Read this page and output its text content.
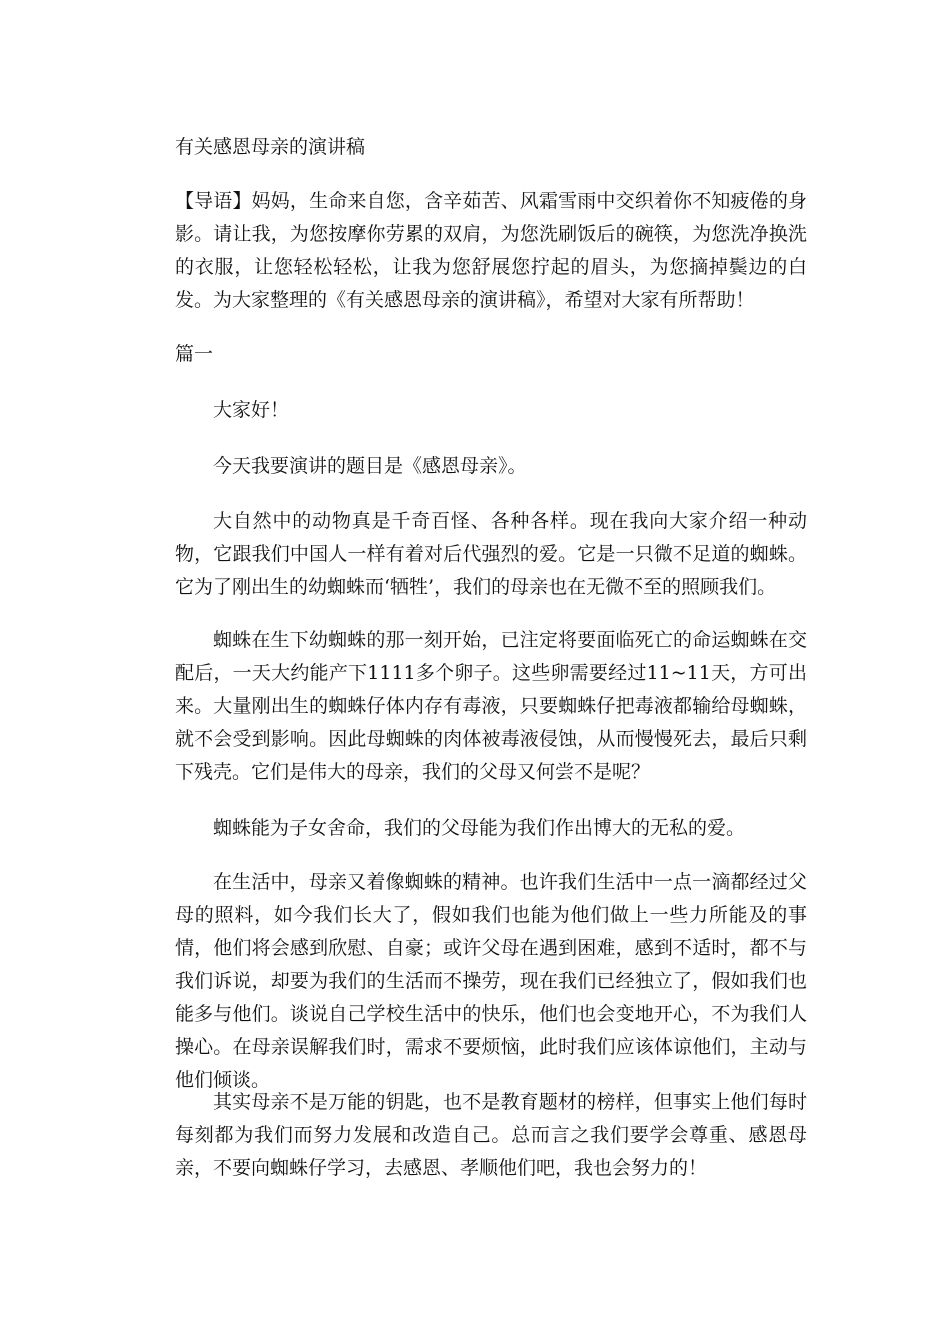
有关感恩母亲的演讲稿

【导语】妈妈，生命来自您，含辛茹苦、风霜雪雨中交织着你不知疲倦的身影。请让我，为您按摩你劳累的双肩，为您洗刷饭后的碗筷，为您洗净换洗的衣服，让您轻松轻松，让我为您舒展您拧起的眉头，为您摘掉鬓边的白发。为大家整理的《有关感恩母亲的演讲稿》，希望对大家有所帮助！

篇一

大家好！

今天我要演讲的题目是《感恩母亲》。

大自然中的动物真是千奇百怪、各种各样。现在我向大家介绍一种动物，它跟我们中国人一样有着对后代强烈的爱。它是一只微不足道的蜘蛛。它为了刚出生的幼蜘蛛而‘牺牲’，我们的母亲也在无微不至的照顾我们。

蜘蛛在生下幼蜘蛛的那一刻开始，已注定将要面临死亡的命运蜘蛛在交配后，一天大约能产下1111多个卵子。这些卵需要经过11~11天，方可出来。大量刚出生的蜘蛛仔体内存有毒液，只要蜘蛛仔把毒液都输给母蜘蛛，就不会受到影响。因此母蜘蛛的肉体被毒液侵蚀，从而慢慢死去，最后只剩下残壳。它们是伟大的母亲，我们的父母又何尝不是呢？

蜘蛛能为子女舍命，我们的父母能为我们作出博大的无私的爱。

在生活中，母亲又着像蜘蛛的精神。也许我们生活中一点一滴都经过父母的照料，如今我们长大了，假如我们也能为他们做上一些力所能及的事情，他们将会感到欣慰、自豪；或许父母在遇到困难，感到不适时，都不与我们诉说，却要为我们的生活而不操劳，现在我们已经独立了，假如我们也能多与他们。谈说自己学校生活中的快乐，他们也会变地开心，不为我们人操心。在母亲误解我们时，需求不要烦恼，此时我们应该体谅他们，主动与他们倾谈。

其实母亲不是万能的钥匙，也不是教育题材的榜样，但事实上他们每时每刻都为我们而努力发展和改造自己。总而言之我们要学会尊重、感恩母亲，不要向蜘蛛仔学习，去感恩、孝顺他们吧，我也会努力的！
